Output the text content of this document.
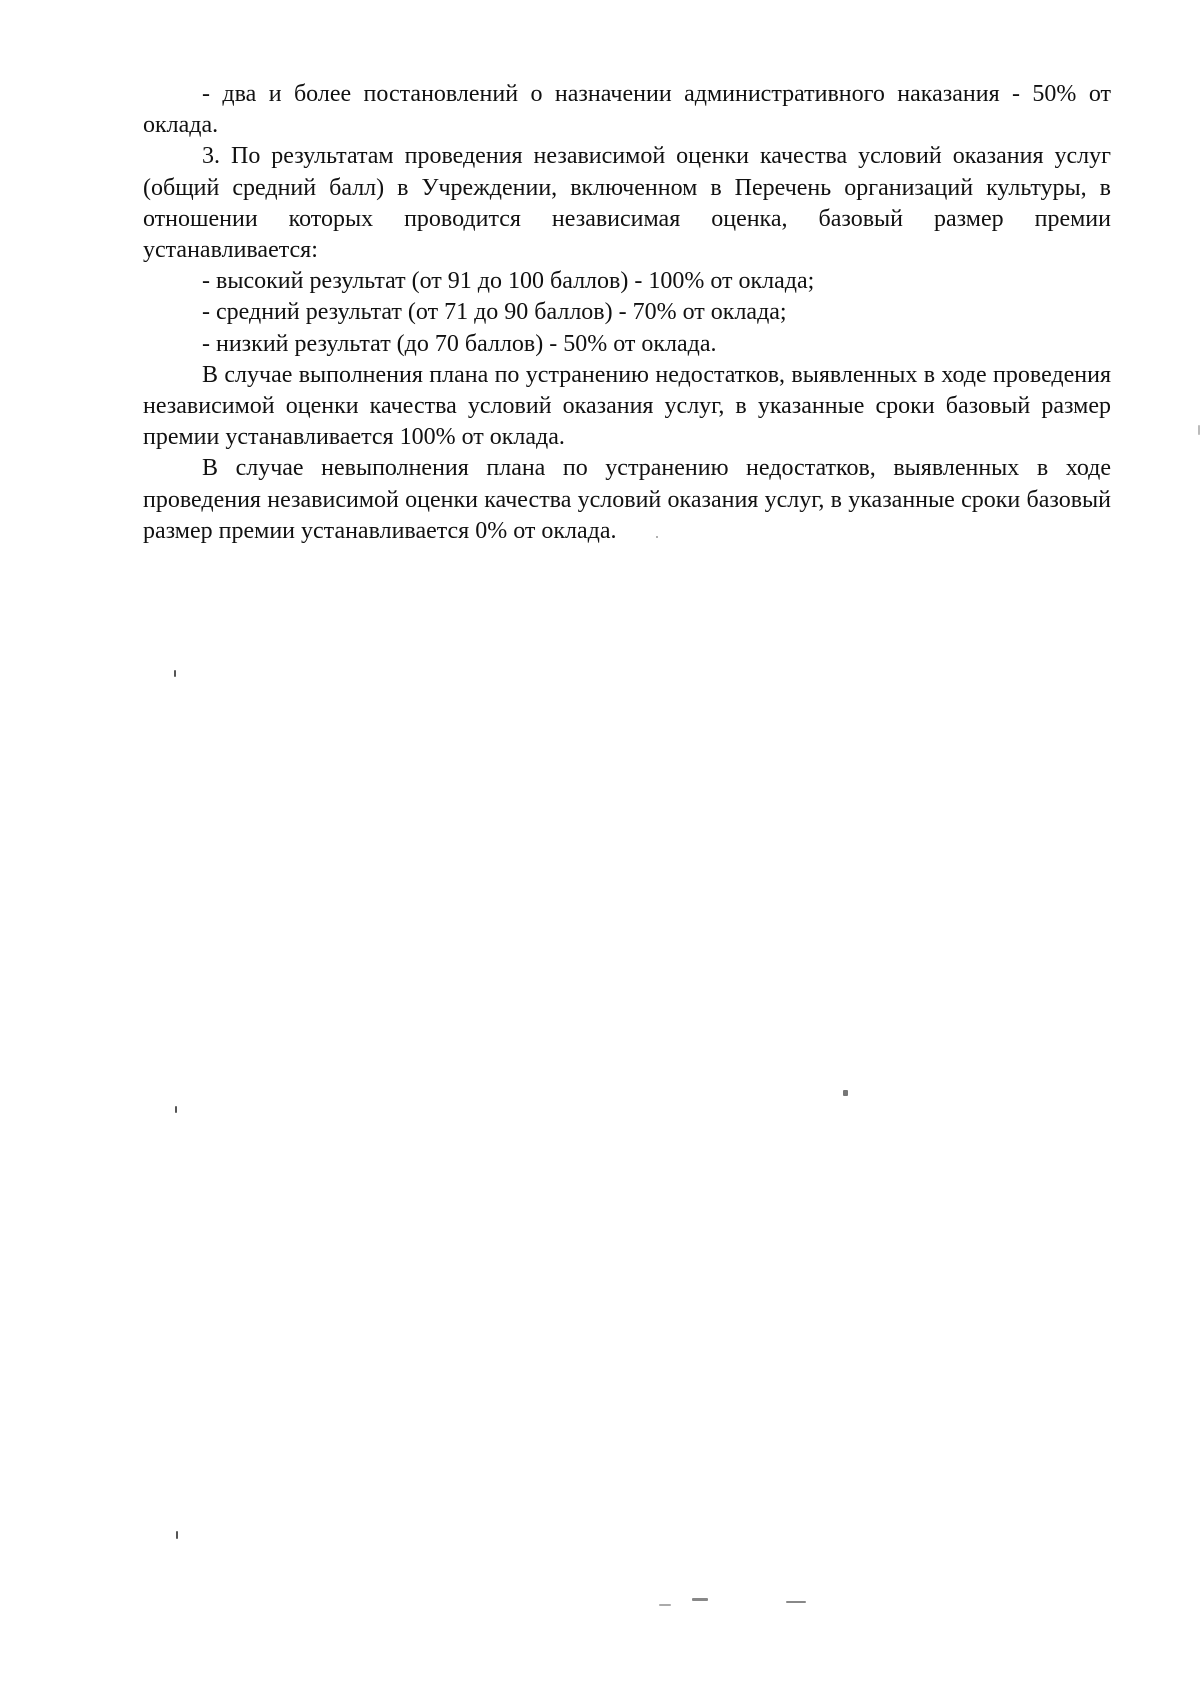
- два и более постановлений о назначении административного наказания - 50% от оклада.

3. По результатам проведения независимой оценки качества условий оказания услуг (общий средний балл) в Учреждении, включенном в Перечень организаций культуры, в отношении которых проводится независимая оценка, базовый размер премии устанавливается:

- высокий результат (от 91 до 100 баллов) - 100% от оклада;

- средний результат (от 71 до 90 баллов) - 70% от оклада;

- низкий результат (до 70 баллов) - 50% от оклада.

В случае выполнения плана по устранению недостатков, выявленных в ходе проведения независимой оценки качества условий оказания услуг, в указанные сроки базовый размер премии устанавливается 100% от оклада.

В случае невыполнения плана по устранению недостатков, выявленных в ходе проведения независимой оценки качества условий оказания услуг, в указанные сроки базовый размер премии устанавливается 0% от оклада.
